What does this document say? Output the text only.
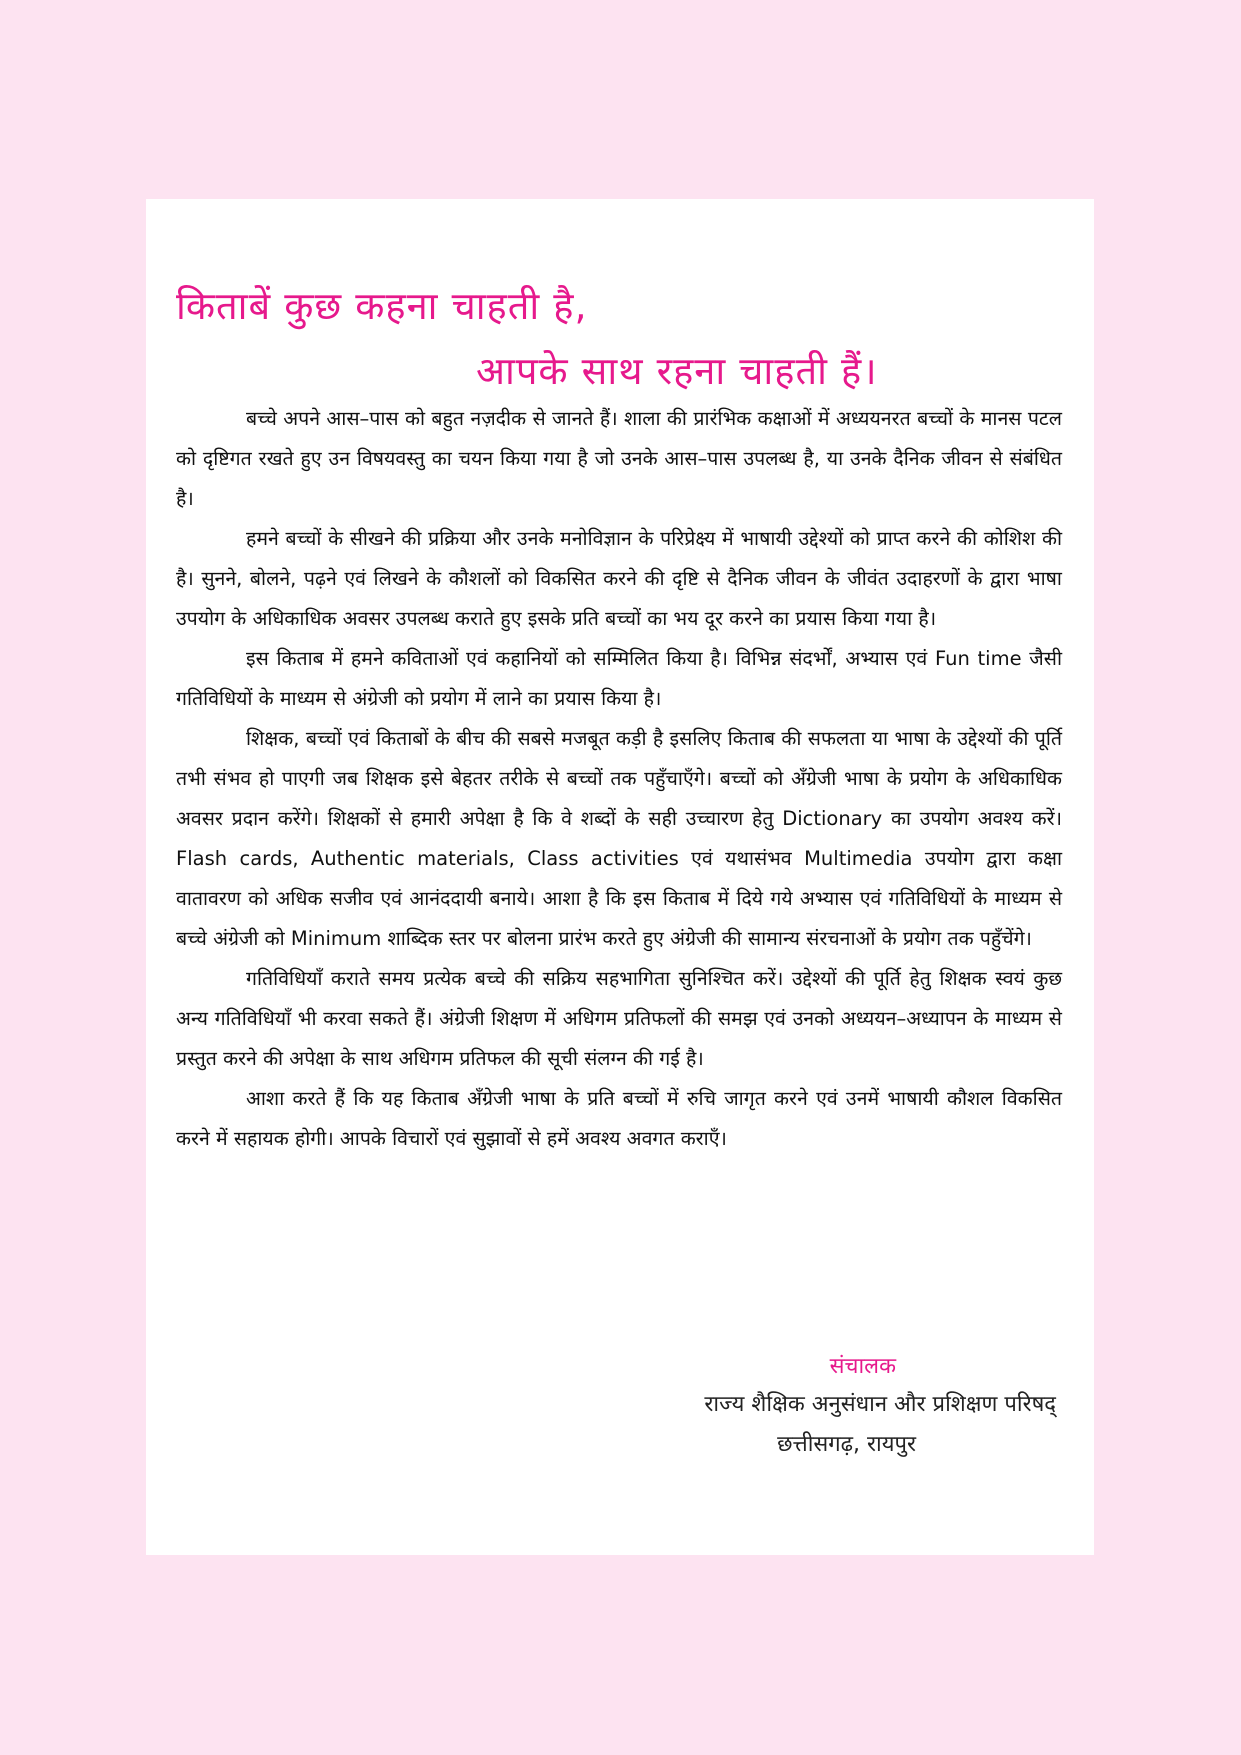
किताबें कुछ कहना चाहती है,
आपके साथ रहना चाहती हैं।

बच्चे अपने आस–पास को बहुत नज़दीक से जानते हैं। शाला की प्रारंभिक कक्षाओं में अध्ययनरत बच्चों के मानस पटल को दृष्टिगत रखते हुए उन विषयवस्तु का चयन किया गया है जो उनके आस–पास उपलब्ध है, या उनके दैनिक जीवन से संबंधित है।

हमने बच्चों के सीखने की प्रक्रिया और उनके मनोविज्ञान के परिप्रेक्ष्य में भाषायी उद्देश्यों को प्राप्त करने की कोशिश की है। सुनने, बोलने, पढ़ने एवं लिखने के कौशलों को विकसित करने की दृष्टि से दैनिक जीवन के जीवंत उदाहरणों के द्वारा भाषा उपयोग के अधिकाधिक अवसर उपलब्ध कराते हुए इसके प्रति बच्चों का भय दूर करने का प्रयास किया गया है।

इस किताब में हमने कविताओं एवं कहानियों को सम्मिलित किया है। विभिन्न संदर्भों, अभ्यास एवं Fun time जैसी गतिविधियों के माध्यम से अंग्रेजी को प्रयोग में लाने का प्रयास किया है।

शिक्षक, बच्चों एवं किताबों के बीच की सबसे मजबूत कड़ी है इसलिए किताब की सफलता या भाषा के उद्देश्यों की पूर्ति तभी संभव हो पाएगी जब शिक्षक इसे बेहतर तरीके से बच्चों तक पहुँचाएँगे। बच्चों को अँग्रेजी भाषा के प्रयोग के अधिकाधिक अवसर प्रदान करेंगे। शिक्षकों से हमारी अपेक्षा है कि वे शब्दों के सही उच्चारण हेतु Dictionary का उपयोग अवश्य करें। Flash cards, Authentic materials, Class activities एवं यथासंभव Multimedia उपयोग द्वारा कक्षा वातावरण को अधिक सजीव एवं आनंददायी बनाये। आशा है कि इस किताब में दिये गये अभ्यास एवं गतिविधियों के माध्यम से बच्चे अंग्रेजी को Minimum शाब्दिक स्तर पर बोलना प्रारंभ करते हुए अंग्रेजी की सामान्य संरचनाओं के प्रयोग तक पहुँचेंगे।

गतिविधियाँ कराते समय प्रत्येक बच्चे की सक्रिय सहभागिता सुनिश्चित करें। उद्देश्यों की पूर्ति हेतु शिक्षक स्वयं कुछ अन्य गतिविधियाँ भी करवा सकते हैं। अंग्रेजी शिक्षण में अधिगम प्रतिफलों की समझ एवं उनको अध्ययन–अध्यापन के माध्यम से प्रस्तुत करने की अपेक्षा के साथ अधिगम प्रतिफल की सूची संलग्न की गई है।

आशा करते हैं कि यह किताब अँग्रेजी भाषा के प्रति बच्चों में रुचि जागृत करने एवं उनमें भाषायी कौशल विकसित करने में सहायक होगी। आपके विचारों एवं सुझावों से हमें अवश्य अवगत कराएँ।

संचालक
राज्य शैक्षिक अनुसंधान और प्रशिक्षण परिषद्
छत्तीसगढ़, रायपुर
